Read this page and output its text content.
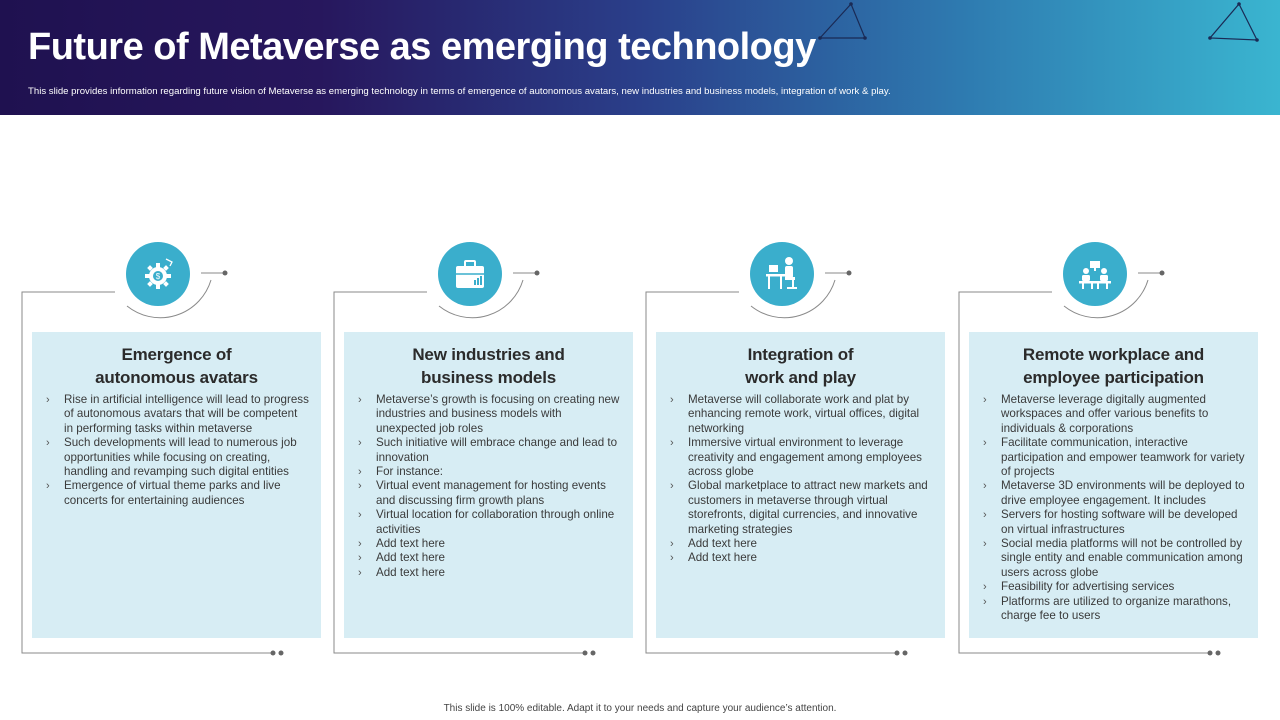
Future of Metaverse as emerging technology
This slide provides information regarding future vision of Metaverse as emerging technology in terms of emergence of autonomous avatars, new industries and business models, integration of work & play.
$
Emergence of
autonomous avatars
› Rise in artificial intelligence will lead to progress of autonomous avatars that will be competent in performing tasks within metaverse
› Such developments will lead to numerous job opportunities while focusing on creating, handling and revamping such digital entities
› Emergence of virtual theme parks and live concerts for entertaining audiences
New industries and
business models
› Metaverse’s growth is focusing on creating new industries and business models with unexpected job roles
› Such initiative will embrace change and lead to innovation
› For instance:
› Virtual event management for hosting events and discussing firm growth plans
› Virtual location for collaboration through online activities
› Add text here
› Add text here
› Add text here
Integration of
work and play
› Metaverse will collaborate work and plat by enhancing remote work, virtual offices, digital networking
› Immersive virtual environment to leverage creativity and engagement among employees across globe
› Global marketplace to attract new markets and customers in metaverse through virtual storefronts, digital currencies, and innovative marketing strategies
› Add text here
› Add text here
Remote workplace and
employee participation
› Metaverse leverage digitally augmented workspaces and offer various benefits to individuals & corporations
› Facilitate communication, interactive participation and empower teamwork for variety of projects
› Metaverse 3D environments will be deployed to drive employee engagement. It includes
› Servers for hosting software will be developed on virtual infrastructures
› Social media platforms will not be controlled by single entity and enable communication among users across globe
› Feasibility for advertising services
› Platforms are utilized to organize marathons, charge fee to users
This slide is 100% editable. Adapt it to your needs and capture your audience’s attention.
